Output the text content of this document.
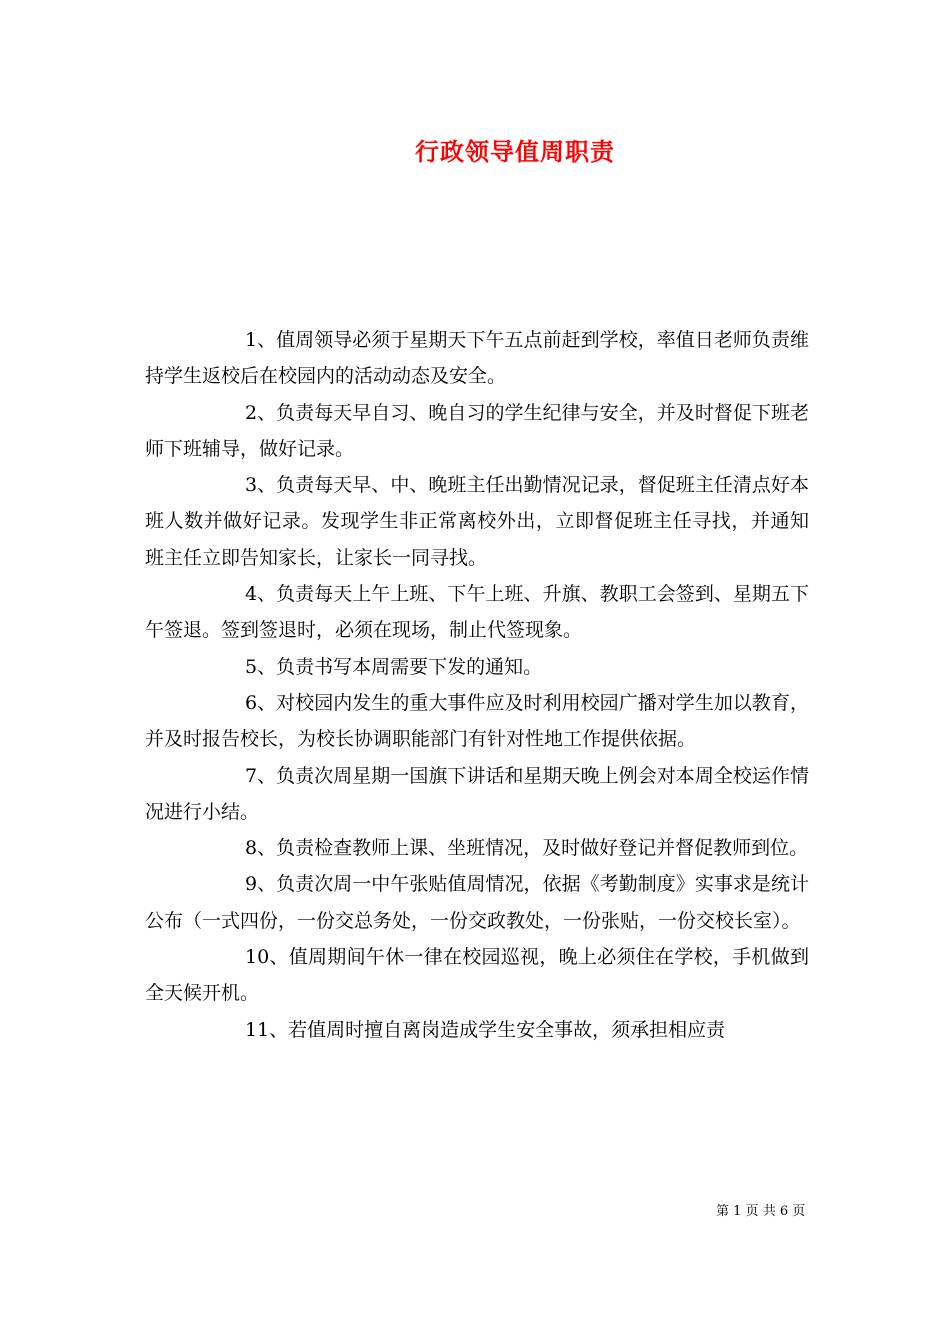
行政领导值周职责

1、值周领导必须于星期天下午五点前赶到学校，率值日老师负责维持学生返校后在校园内的活动动态及安全。

2、负责每天早自习、晚自习的学生纪律与安全，并及时督促下班老师下班辅导，做好记录。

3、负责每天早、中、晚班主任出勤情况记录，督促班主任清点好本班人数并做好记录。发现学生非正常离校外出，立即督促班主任寻找，并通知班主任立即告知家长，让家长一同寻找。

4、负责每天上午上班、下午上班、升旗、教职工会签到、星期五下午签退。签到签退时，必须在现场，制止代签现象。

5、负责书写本周需要下发的通知。

6、对校园内发生的重大事件应及时利用校园广播对学生加以教育，并及时报告校长，为校长协调职能部门有针对性地工作提供依据。

7、负责次周星期一国旗下讲话和星期天晚上例会对本周全校运作情况进行小结。

8、负责检查教师上课、坐班情况，及时做好登记并督促教师到位。

9、负责次周一中午张贴值周情况，依据《考勤制度》实事求是统计公布（一式四份，一份交总务处，一份交政教处，一份张贴，一份交校长室）。

10、值周期间午休一律在校园巡视，晚上必须住在学校，手机做到全天候开机。

11、若值周时擅自离岗造成学生安全事故，须承担相应责

第 1 页 共 6 页
